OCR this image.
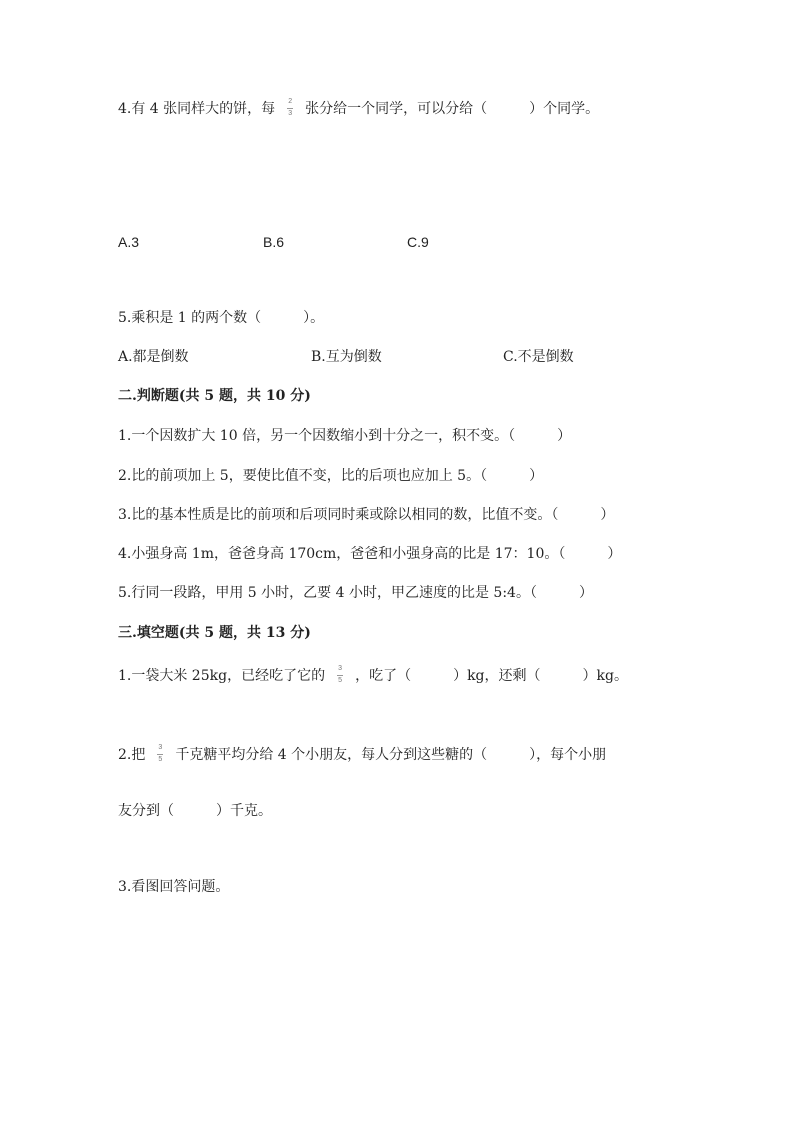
4.有 4 张同样大的饼，每 $\frac{2}{3}$ 张分给一个同学，可以分给（　　　）个同学。
A.3	B.6	C.9
5.乘积是 1 的两个数（　　　）。
A.都是倒数	B.互为倒数	C.不是倒数
二.判断题(共 5 题，共 10 分)
1.一个因数扩大 10 倍，另一个因数缩小到十分之一，积不变。（　　　）
2.比的前项加上 5，要使比值不变，比的后项也应加上 5。（　　　）
3.比的基本性质是比的前项和后项同时乘或除以相同的数，比值不变。（　　　）
4.小强身高 1m，爸爸身高 170cm，爸爸和小强身高的比是 17：10。（　　　）
5.行同一段路，甲用 5 小时，乙要 4 小时，甲乙速度的比是 5:4。（　　　）
三.填空题(共 5 题，共 13 分)
1.一袋大米 25kg，已经吃了它的 $\frac{3}{5}$ ，吃了（　　　）kg，还剩（　　　）kg。
2.把 $\frac{3}{5}$ 千克糖平均分给 4 个小朋友，每人分到这些糖的（　　　），每个小朋
友分到（　　　）千克。
3.看图回答问题。
